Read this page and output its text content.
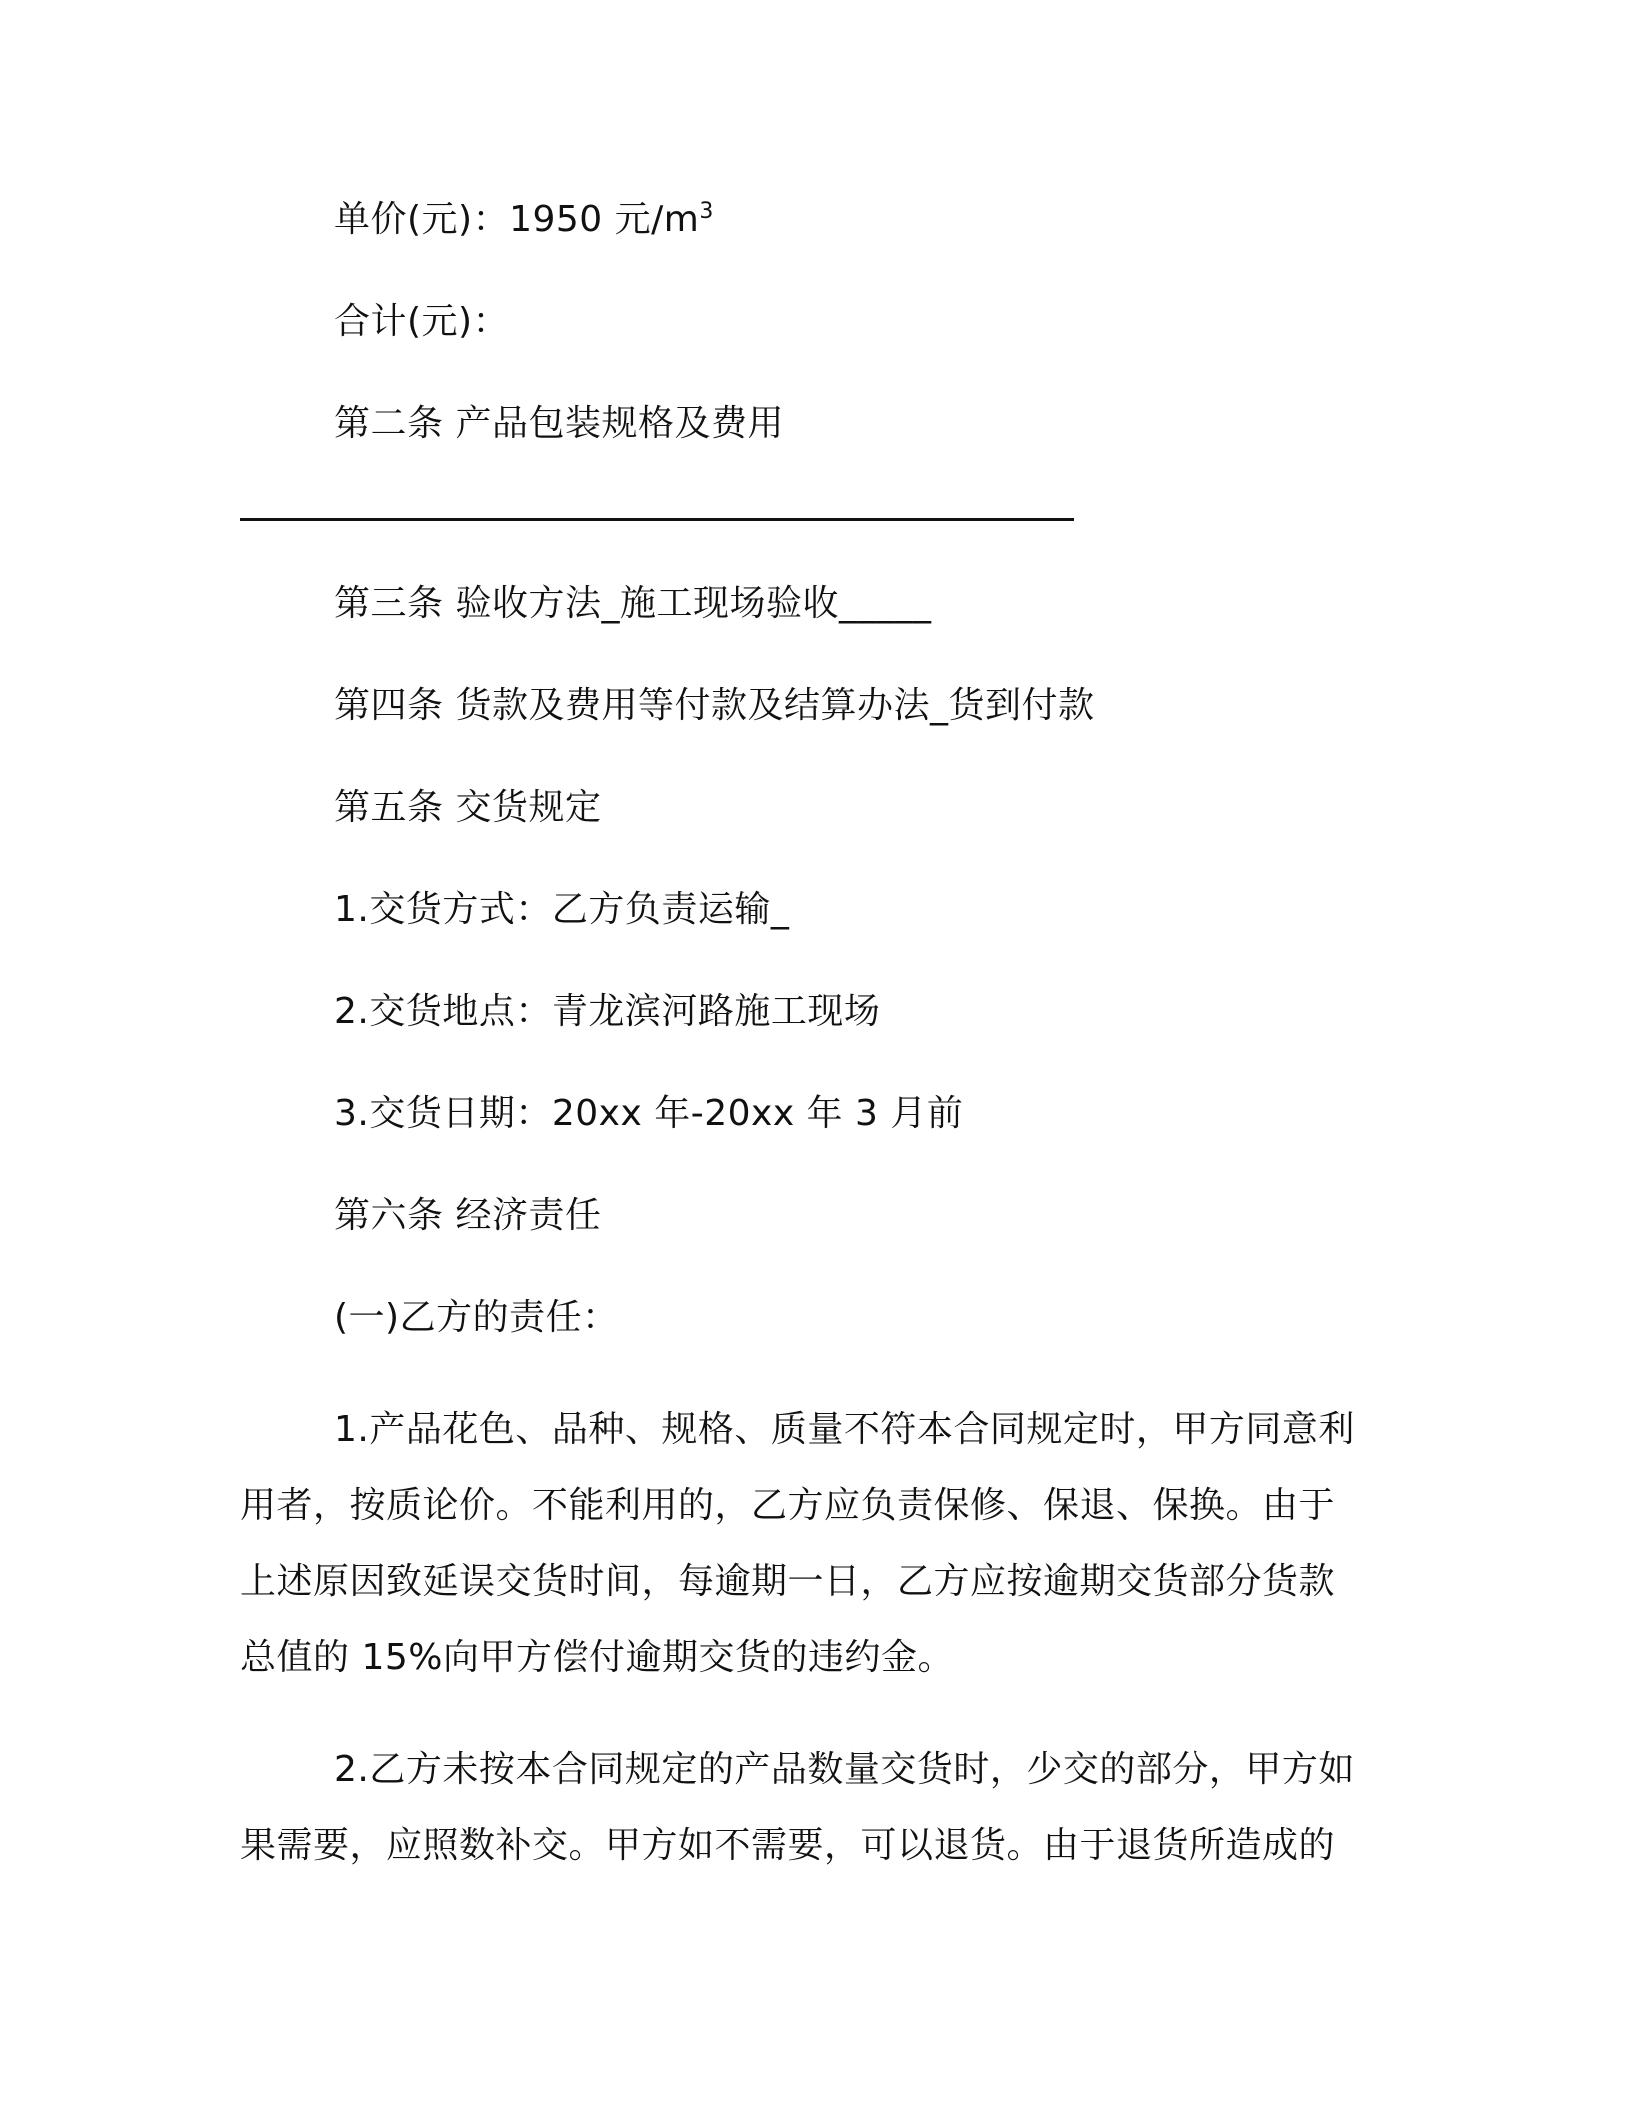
单价(元)：1950 元$/m^3$
合计(元)：
第二条 产品包装规格及费用
第三条 验收方法_施工现场验收_____
第四条 货款及费用等付款及结算办法_货到付款
第五条 交货规定
1.交货方式：乙方负责运输_
2.交货地点：青龙滨河路施工现场
3.交货日期：20xx 年-20xx 年 3 月前
第六条 经济责任
(一)乙方的责任：
1.产品花色、品种、规格、质量不符本合同规定时，甲方同意利
用者，按质论价。不能利用的，乙方应负责保修、保退、保换。由于
上述原因致延误交货时间，每逾期一日，乙方应按逾期交货部分货款
总值的 15%向甲方偿付逾期交货的违约金。
2.乙方未按本合同规定的产品数量交货时，少交的部分，甲方如
果需要，应照数补交。甲方如不需要，可以退货。由于退货所造成的
